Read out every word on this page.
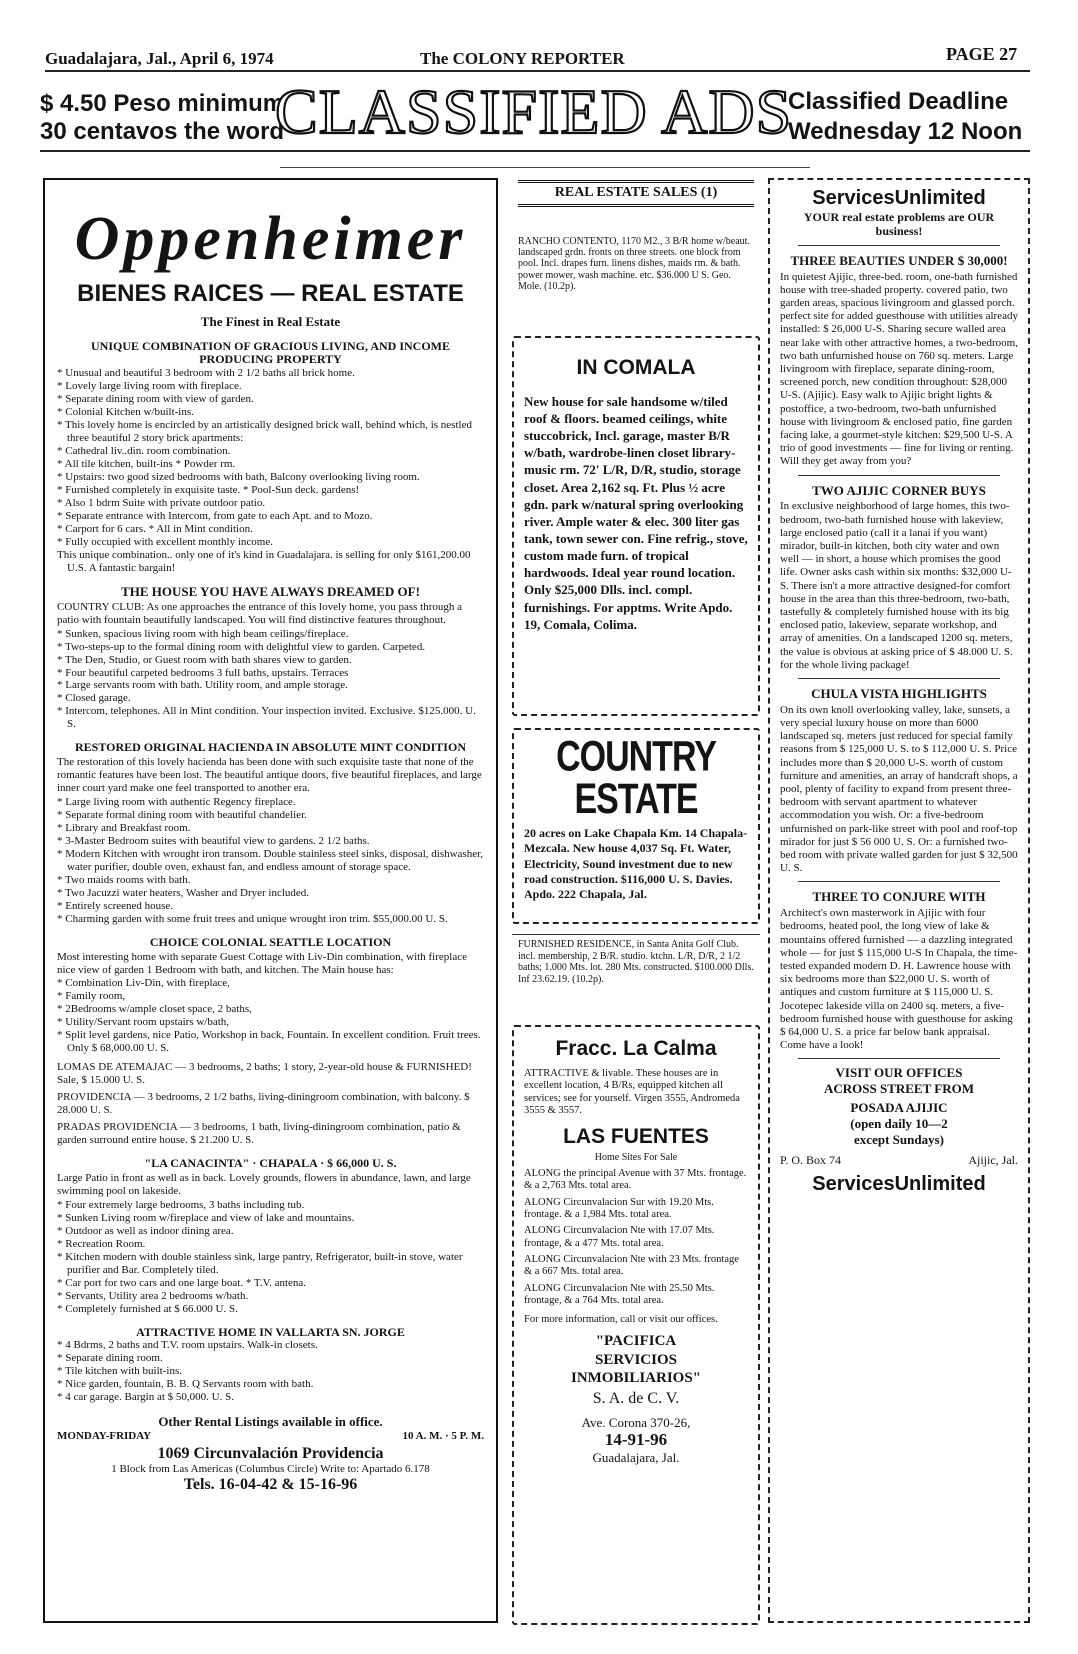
Guadalajara, Jal., April 6, 1974	The COLONY REPORTER	PAGE 27
$ 4.50 Peso minimum
30 centavos the word
CLASSIFIED ADS
Classified Deadline
Wednesday 12 Noon
Oppenheimer
BIENES RAICES — REAL ESTATE
The Finest in Real Estate
UNIQUE COMBINATION OF GRACIOUS LIVING, AND INCOME PRODUCING PROPERTY

* Unusual and beautiful 3 bedroom with 2 1/2 baths all brick home.

* Lovely large living room with fireplace.

* Separate dining room with view of garden.

* Colonial Kitchen w/built-ins.

* This lovely home is encircled by an artistically designed brick wall, behind which, is nestled three beautiful 2 story brick apartments:

* Cathedral liv..din. room combination.

* All tile kitchen, built-ins * Powder rm.

* Upstairs: two good sized bedrooms with bath, Balcony overlooking living room.

* Furnished completely in exquisite taste. * Pool-Sun deck. gardens!

* Also 1 bdrm Suite with private outdoor patio.

* Separate entrance with Intercom, from gate to each Apt. and to Mozo.

* Carport for 6 cars. * All in Mint condition.

* Fully occupied with excellent monthly income.

This unique combination.. only one of it's kind in Guadalajara. is selling for only $161,200.00 U.S. A fantastic bargain!

THE HOUSE YOU HAVE ALWAYS DREAMED OF!

COUNTRY CLUB: As one approaches the entrance of this lovely home, you pass through a patio with fountain beautifully landscaped. You will find distinctive features throughout.

* Sunken, spacious living room with high beam ceilings/fireplace.

* Two-steps-up to the formal dining room with delightful view to garden. Carpeted.

* The Den, Studio, or Guest room with bath shares view to garden.

* Four beautiful carpeted bedrooms 3 full baths, upstairs. Terraces

* Large servants room with bath. Utility room, and ample storage.

* Closed garage.

* Intercom, telephones. All in Mint condition. Your inspection invited. Exclusive. $125.000. U. S.

RESTORED ORIGINAL HACIENDA IN ABSOLUTE MINT CONDITION

The restoration of this lovely hacienda has been done with such exquisite taste that none of the romantic features have been lost. The beautiful antique doors, five beautiful fireplaces, and large inner court yard make one feel transported to another era.

* Large living room with authentic Regency fireplace.

* Separate formal dining room with beautiful chandelier.

* Library and Breakfast room.

* 3-Master Bedroom suites with beautiful view to gardens. 2 1/2 baths.

* Modern Kitchen with wrought iron transom. Double stainless steel sinks, disposal, dishwasher, water purifier, double oven, exhaust fan, and endless amount of storage space.

* Two maids rooms with bath.

* Two Jacuzzi water heaters, Washer and Dryer included.

* Entirely screened house.

* Charming garden with some fruit trees and unique wrought iron trim. $55,000.00 U. S.

CHOICE COLONIAL SEATTLE LOCATION

Most interesting home with separate Guest Cottage with Liv-Din combination, with fireplace nice view of garden 1 Bedroom with bath, and kitchen. The Main house has:

* Combination Liv-Din, with fireplace,

* Family room,

* 2Bedrooms w/ample closet space, 2 baths,

* Utility/Servant room upstairs w/bath,

* Split level gardens, nice Patio, Workshop in back, Fountain. In excellent condition. Fruit trees. Only $ 68,000.00 U. S.

LOMAS DE ATEMAJAC — 3 bedrooms, 2 baths; 1 story, 2-year-old house & FURNISHED! Sale, $ 15.000 U. S.

PROVIDENCIA — 3 bedrooms, 2 1/2 baths, living-diningroom combination, with balcony. $ 28.000 U. S.

PRADAS PROVIDENCIA — 3 bedrooms, 1 bath, living-diningroom combination, patio & garden surround entire house. $ 21.200 U. S.

"LA CANACINTA" · CHAPALA · $ 66,000 U. S.

Large Patio in front as well as in back. Lovely grounds, flowers in abundance, lawn, and large swimming pool on lakeside.

* Four extremely large bedrooms, 3 baths including tub.

* Sunken Living room w/fireplace and view of lake and mountains.

* Outdoor as well as indoor dining area.

* Recreation Room.

* Kitchen modern with double stainless sink, large pantry, Refrigerator, built-in stove, water purifier and Bar. Completely tiled.

* Car port for two cars and one large boat. * T.V. antena.

* Servants, Utility area 2 bedrooms w/bath.

* Completely furnished at $ 66.000 U. S.

ATTRACTIVE HOME IN VALLARTA SN. JORGE

* 4 Bdrms, 2 baths and T.V. room upstairs. Walk-in closets.

* Separate dining room.

* Tile kitchen with built-ins.

* Nice garden, fountain, B. B. Q Servants room with bath.

* 4 car garage. Bargin at $ 50,000. U. S.

Other Rental Listings available in office.
MONDAY-FRIDAY	10 A. M. · 5 P. M.
1069 Circunvalación Providencia
1 Block from Las Americas (Columbus Circle) Write to: Apartado 6.178
Tels. 16-04-42 & 15-16-96
REAL ESTATE SALES (1)
RANCHO CONTENTO, 1170 M2., 3 B/R home w/beaut. landscaped grdn. fronts on three streets. one block from pool. Incl. drapes furn. linens dishes, maids rm. & bath. power mower, wash machine. etc. $36.000 U S. Geo. Mole. (10.2p).
IN COMALA
New house for sale handsome w/tiled roof & floors. beamed ceilings, white stuccobrick, Incl. garage, master B/R w/bath, wardrobe-linen closet library-music rm. 72' L/R, D/R, studio, storage closet. Area 2,162 sq. Ft. Plus ½ acre gdn. park w/natural spring overlooking river. Ample water & elec. 300 liter gas tank, town sewer con. Fine refrig., stove, custom made furn. of tropical hardwoods. Ideal year round location. Only $25,000 Dlls. incl. compl. furnishings. For apptms. Write Apdo. 19, Comala, Colima.
COUNTRY ESTATE
20 acres on Lake Chapala Km. 14 Chapala-Mezcala. New house 4,037 Sq. Ft. Water, Electricity, Sound investment due to new road construction. $116,000 U. S. Davies. Apdo. 222 Chapala, Jal.
FURNISHED RESIDENCE, in Santa Anita Golf Club. incl. membership, 2 B/R. studio. ktchn. L/R, D/R, 2 1/2 baths; 1.000 Mts. lot. 280 Mts. constructed. $100.000 Dlls. Inf 23.62.19. (10.2p).
Fracc. La Calma
ATTRACTIVE & livable. These houses are in excellent location, 4 B/Rs, equipped kitchen all services; see for yourself. Virgen 3555, Andromeda 3555 & 3557.
LAS FUENTES
Home Sites For Sale

ALONG the principal Avenue with 37 Mts. frontage. & a 2,763 Mts. total area.

ALONG Circunvalacion Sur with 19.20 Mts. frontage. & a 1,984 Mts. total area.

ALONG Circunvalacion Nte with 17.07 Mts. frontage, & a 477 Mts. total area.

ALONG Circunvalacion Nte with 23 Mts. frontage & a 667 Mts. total area.

ALONG Circunvalacion Nte with 25.50 Mts. frontage, & a 764 Mts. total area.

For more information, call or visit our offices.
"PACIFICA
SERVICIOS
INMOBILIARIOS"
S. A. de C. V.
Ave. Corona 370-26,
14-91-96
Guadalajara, Jal.
ServicesUnlimited
YOUR real estate problems are OUR business!
THREE BEAUTIES UNDER $ 30,000!

In quietest Ajijic, three-bed. room, one-bath furnished house with tree-shaded property. covered patio, two garden areas, spacious livingroom and glassed porch. perfect site for added guesthouse with utilities already installed: $ 26,000 U-S. Sharing secure walled area near lake with other attractive homes, a two-bedroom, two bath unfurnished house on 760 sq. meters. Large livingroom with fireplace, separate dining-room, screened porch, new condition throughout: $28,000 U-S. (Ajijic). Easy walk to Ajijic bright lights & postoffice, a two-bedroom, two-bath unfurnished house with livingroom & enclosed patio, fine garden facing lake, a gourmet-style kitchen: $29,500 U-S. A trio of good investments — fine for living or renting. Will they get away from you?

TWO AJIJIC CORNER BUYS

In exclusive neighborhood of large homes, this two-bedroom, two-bath furnished house with lakeview, large enclosed patio (call it a lanai if you want) mirador, built-in kitchen, both city water and own well — in short, a house which promises the good life. Owner asks cash within six months: $32,000 U-S. There isn't a more attractive designed-for comfort house in the area than this three-bedroom, two-bath, tastefully & completely furnished house with its big enclosed patio, lakeview, separate workshop, and array of amenities. On a landscaped 1200 sq. meters, the value is obvious at asking price of $ 48.000 U. S. for the whole living package!

CHULA VISTA HIGHLIGHTS

On its own knoll overlooking valley, lake, sunsets, a very special luxury house on more than 6000 landscaped sq. meters just reduced for special family reasons from $ 125,000 U. S. to $ 112,000 U. S. Price includes more than $ 20,000 U-S. worth of custom furniture and amenities, an array of handcraft shops, a pool, plenty of facility to expand from present three-bedroom with servant apartment to whatever accommodation you wish. Or: a five-bedroom unfurnished on park-like street with pool and roof-top mirador for just $ 56 000 U. S. Or: a furnished two-bed room with private walled garden for just $ 32,500 U. S.

THREE TO CONJURE WITH

Architect's own masterwork in Ajijic with four bedrooms, heated pool, the long view of lake & mountains offered furnished — a dazzling integrated whole — for just $ 115,000 U-S In Chapala, the time-tested expanded modern D. H. Lawrence house with six bedrooms more than $22,000 U. S. worth of antiques and custom furniture at $ 115,000 U. S. Jocotepec lakeside villa on 2400 sq. meters, a five-bedroom furnished house with guesthouse for asking $ 64,000 U. S. a price far below bank appraisal. Come have a look!

VISIT OUR OFFICES
ACROSS STREET FROM
POSADA AJIJIC
(open daily 10—2
except Sundays)
P. O. Box 74	Ajijic, Jal.
ServicesUnlimited
